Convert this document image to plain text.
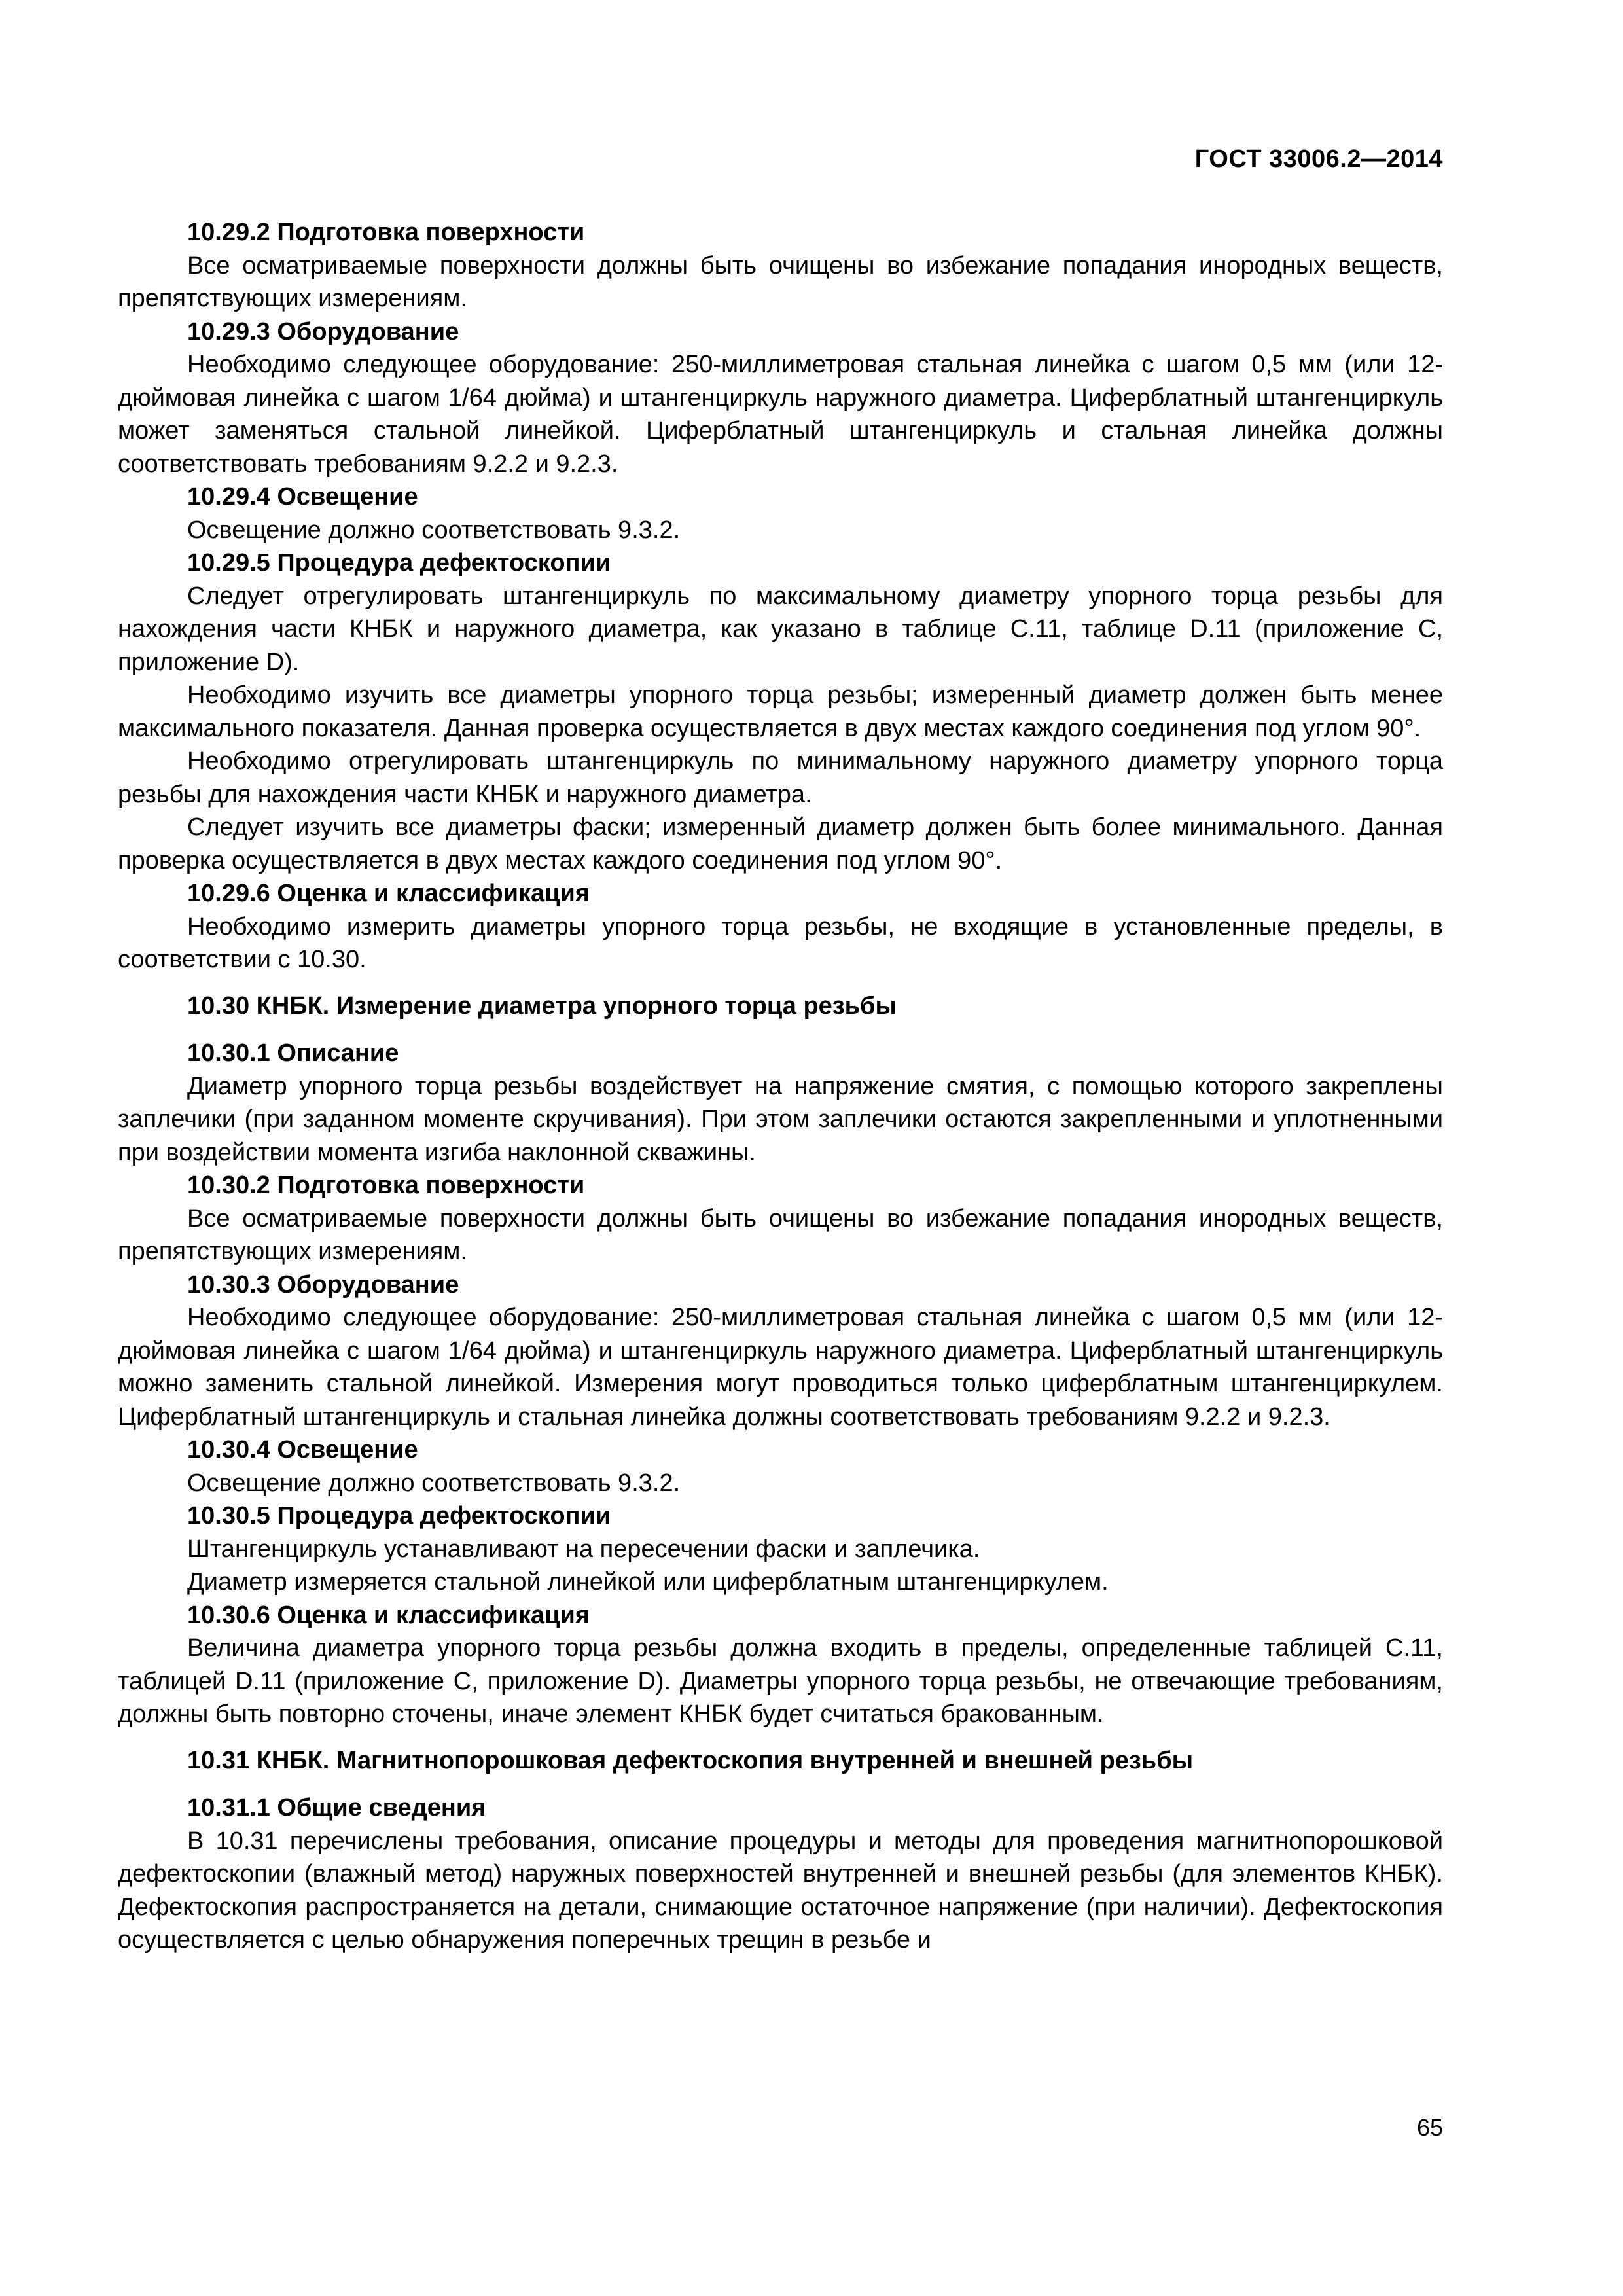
ГОСТ 33006.2—2014
10.29.2 Подготовка поверхности

Все осматриваемые поверхности должны быть очищены во избежание попадания инородных веществ, препятствующих измерениям.

10.29.3 Оборудование

Необходимо следующее оборудование: 250-миллиметровая стальная линейка с шагом 0,5 мм (или 12-дюймовая линейка с шагом 1/64 дюйма) и штангенциркуль наружного диаметра. Циферблатный штангенциркуль может заменяться стальной линейкой. Циферблатный штангенциркуль и стальная линейка должны соответствовать требованиям 9.2.2 и 9.2.3.

10.29.4 Освещение

Освещение должно соответствовать 9.3.2.

10.29.5 Процедура дефектоскопии

Следует отрегулировать штангенциркуль по максимальному диаметру упорного торца резьбы для нахождения части КНБК и наружного диаметра, как указано в таблице C.11, таблице D.11 (приложение C, приложение D).

Необходимо изучить все диаметры упорного торца резьбы; измеренный диаметр должен быть менее максимального показателя. Данная проверка осуществляется в двух местах каждого соединения под углом 90°.

Необходимо отрегулировать штангенциркуль по минимальному наружного диаметру упорного торца резьбы для нахождения части КНБК и наружного диаметра.

Следует изучить все диаметры фаски; измеренный диаметр должен быть более минимального. Данная проверка осуществляется в двух местах каждого соединения под углом 90°.

10.29.6 Оценка и классификация

Необходимо измерить диаметры упорного торца резьбы, не входящие в установленные пределы, в соответствии с 10.30.

10.30 КНБК. Измерение диаметра упорного торца резьбы
10.30.1 Описание

Диаметр упорного торца резьбы воздействует на напряжение смятия, с помощью которого закреплены заплечики (при заданном моменте скручивания). При этом заплечики остаются закрепленными и уплотненными при воздействии момента изгиба наклонной скважины.

10.30.2 Подготовка поверхности

Все осматриваемые поверхности должны быть очищены во избежание попадания инородных веществ, препятствующих измерениям.

10.30.3 Оборудование

Необходимо следующее оборудование: 250-миллиметровая стальная линейка с шагом 0,5 мм (или 12-дюймовая линейка с шагом 1/64 дюйма) и штангенциркуль наружного диаметра. Циферблатный штангенциркуль можно заменить стальной линейкой. Измерения могут проводиться только циферблатным штангенциркулем. Циферблатный штангенциркуль и стальная линейка должны соответствовать требованиям 9.2.2 и 9.2.3.

10.30.4 Освещение

Освещение должно соответствовать 9.3.2.

10.30.5 Процедура дефектоскопии

Штангенциркуль устанавливают на пересечении фаски и заплечика.

Диаметр измеряется стальной линейкой или циферблатным штангенциркулем.

10.30.6 Оценка и классификация

Величина диаметра упорного торца резьбы должна входить в пределы, определенные таблицей C.11, таблицей D.11 (приложение C, приложение D). Диаметры упорного торца резьбы, не отвечающие требованиям, должны быть повторно сточены, иначе элемент КНБК будет считаться бракованным.

10.31 КНБК. Магнитнопорошковая дефектоскопия внутренней и внешней резьбы
10.31.1 Общие сведения

В 10.31 перечислены требования, описание процедуры и методы для проведения магнитнопорошковой дефектоскопии (влажный метод) наружных поверхностей внутренней и внешней резьбы (для элементов КНБК). Дефектоскопия распространяется на детали, снимающие остаточное напряжение (при наличии). Дефектоскопия осуществляется с целью обнаружения поперечных трещин в резьбе и

65
